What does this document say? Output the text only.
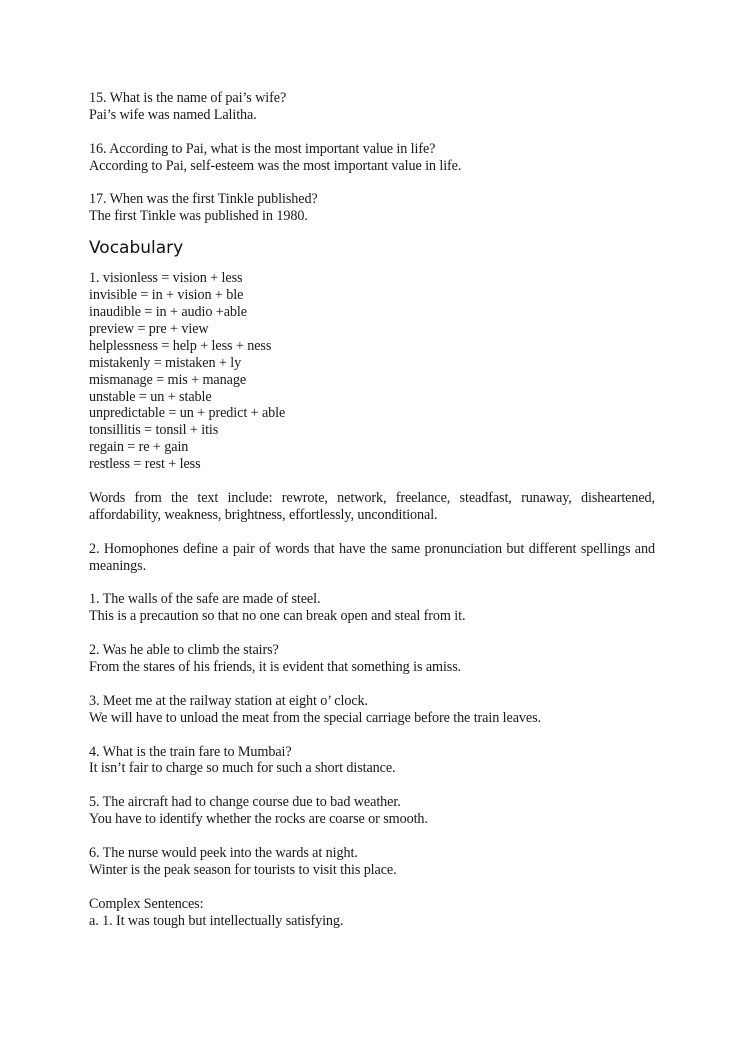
15. What is the name of pai’s wife?
Pai’s wife was named Lalitha.
16. According to Pai, what is the most important value in life?
According to Pai, self-esteem was the most important value in life.
17. When was the first Tinkle published?
The first Tinkle was published in 1980.
Vocabulary
1. visionless = vision + less
invisible = in + vision + ble
inaudible = in + audio +able
preview = pre + view
helplessness = help + less + ness
mistakenly = mistaken + ly
mismanage = mis + manage
unstable = un + stable
unpredictable = un + predict + able
tonsillitis = tonsil + itis
regain = re + gain
restless = rest + less

Words from the text include: rewrote, network, freelance, steadfast, runaway, disheartened, affordability, weakness, brightness, effortlessly, unconditional.

2. Homophones define a pair of words that have the same pronunciation but different spellings and meanings.

1. The walls of the safe are made of steel.
This is a precaution so that no one can break open and steal from it.
2. Was he able to climb the stairs?
From the stares of his friends, it is evident that something is amiss.
3. Meet me at the railway station at eight o’ clock.
We will have to unload the meat from the special carriage before the train leaves.
4. What is the train fare to Mumbai?
It isn’t fair to charge so much for such a short distance.
5. The aircraft had to change course due to bad weather.
You have to identify whether the rocks are coarse or smooth.
6. The nurse would peek into the wards at night.
Winter is the peak season for tourists to visit this place.
Complex Sentences:
a. 1. It was tough but intellectually satisfying.
